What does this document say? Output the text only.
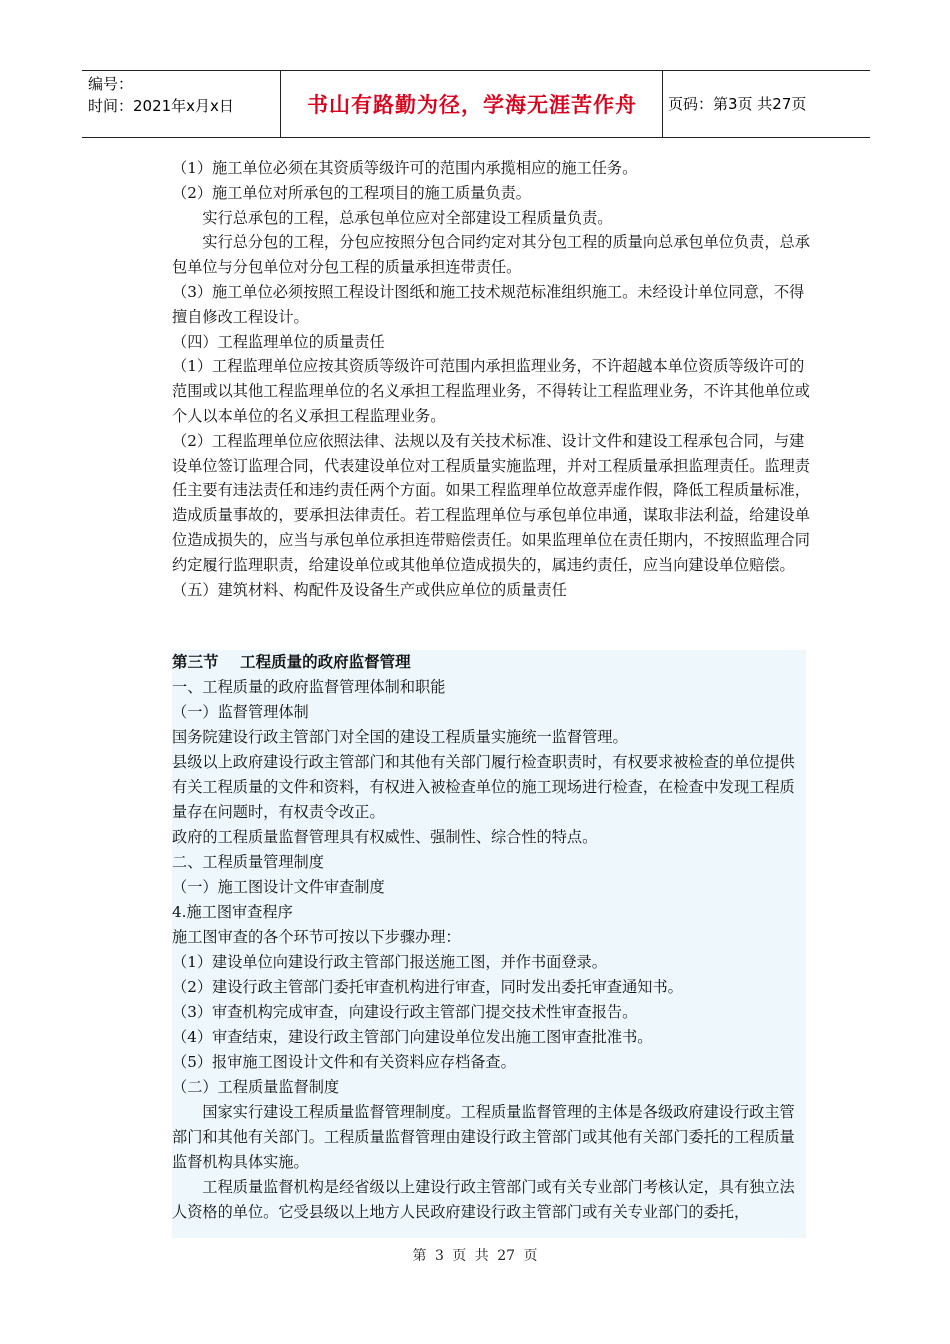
编号：
时间：2021年x月x日	书山有路勤为径，学海无涯苦作舟	页码：第3页 共27页

（1）施工单位必须在其资质等级许可的范围内承揽相应的施工任务。

（2）施工单位对所承包的工程项目的施工质量负责。

实行总承包的工程，总承包单位应对全部建设工程质量负责。

实行总分包的工程，分包应按照分包合同约定对其分包工程的质量向总承包单位负责，总承包单位与分包单位对分包工程的质量承担连带责任。

（3）施工单位必须按照工程设计图纸和施工技术规范标准组织施工。未经设计单位同意，不得擅自修改工程设计。

（四）工程监理单位的质量责任

（1）工程监理单位应按其资质等级许可范围内承担监理业务，不许超越本单位资质等级许可的范围或以其他工程监理单位的名义承担工程监理业务，不得转让工程监理业务，不许其他单位或个人以本单位的名义承担工程监理业务。

（2）工程监理单位应依照法律、法规以及有关技术标准、设计文件和建设工程承包合同，与建设单位签订监理合同，代表建设单位对工程质量实施监理，并对工程质量承担监理责任。监理责任主要有违法责任和违约责任两个方面。如果工程监理单位故意弄虚作假，降低工程质量标准，造成质量事故的，要承担法律责任。若工程监理单位与承包单位串通，谋取非法利益，给建设单位造成损失的，应当与承包单位承担连带赔偿责任。如果监理单位在责任期内，不按照监理合同约定履行监理职责，给建设单位或其他单位造成损失的，属违约责任，应当向建设单位赔偿。

（五）建筑材料、构配件及设备生产或供应单位的质量责任

第三节    工程质量的政府监督管理

一、工程质量的政府监督管理体制和职能

（一）监督管理体制

国务院建设行政主管部门对全国的建设工程质量实施统一监督管理。

县级以上政府建设行政主管部门和其他有关部门履行检查职责时，有权要求被检查的单位提供有关工程质量的文件和资料，有权进入被检查单位的施工现场进行检查，在检查中发现工程质量存在问题时，有权责令改正。

政府的工程质量监督管理具有权威性、强制性、综合性的特点。

二、工程质量管理制度

（一）施工图设计文件审查制度

4.施工图审查程序

施工图审查的各个环节可按以下步骤办理：

（1）建设单位向建设行政主管部门报送施工图，并作书面登录。

（2）建设行政主管部门委托审查机构进行审查，同时发出委托审查通知书。

（3）审查机构完成审查，向建设行政主管部门提交技术性审查报告。

（4）审查结束，建设行政主管部门向建设单位发出施工图审查批准书。

（5）报审施工图设计文件和有关资料应存档备查。

（二）工程质量监督制度

国家实行建设工程质量监督管理制度。工程质量监督管理的主体是各级政府建设行政主管部门和其他有关部门。工程质量监督管理由建设行政主管部门或其他有关部门委托的工程质量监督机构具体实施。

工程质量监督机构是经省级以上建设行政主管部门或有关专业部门考核认定，具有独立法人资格的单位。它受县级以上地方人民政府建设行政主管部门或有关专业部门的委托，

第 3 页 共 27 页
